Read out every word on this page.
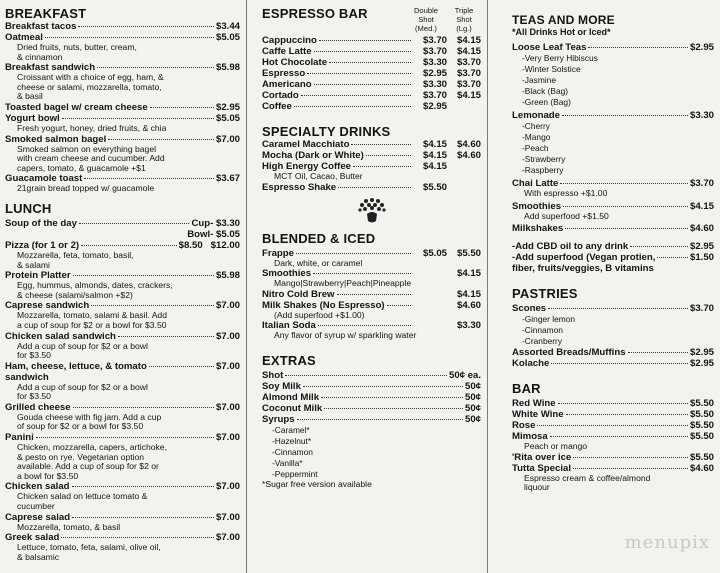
BREAKFAST
Breakfast tacos	$3.44
Oatmeal	$5.05
Dried fruits, nuts, butter, cream,
& cinnamon
Breakfast sandwich	$5.98
Croissant with a choice of egg, ham, &
cheese or salami, mozzarella, tomato,
& basil
Toasted bagel w/ cream cheese	$2.95
Yogurt bowl	$5.05
Fresh yogurt, honey, dried fruits, & chia
Smoked salmon bagel	$7.00
Smoked salmon on everything bagel
with cream cheese and cucumber. Add
capers, tomato, & guacamole +$1
Guacamole toast	$3.67
21grain bread topped w/ guacamole
LUNCH
Soup of the day	Cup- $3.30
Bowl- $5.05
Pizza (for 1 or 2)	$8.50 $12.00
Mozzarella, feta, tomato, basil,
& salami
Protein Platter	$5.98
Egg, hummus, almonds, dates, crackers,
& cheese (salami/salmon +$2)
Caprese sandwich	$7.00
Mozzarella, tomato, salami & basil. Add
a cup of soup for $2 or a bowl for $3.50
Chicken salad sandwich	$7.00
Add a cup of soup for $2 or a bowl
for $3.50
Ham, cheese, lettuce, & tomato	$7.00
sandwich
Add a cup of soup for $2 or a bowl
for $3.50
Grilled cheese	$7.00
Gouda cheese with fig jam. Add a cup
of soup for $2 or a bowl for $3.50
Panini	$7.00
Chicken, mozzarella, capers, artichoke,
& pesto on rye. Vegetarian option
available. Add a cup of soup for $2 or
a bowl for $3.50
Chicken salad	$7.00
Chicken salad on lettuce tomato &
cucumber
Caprese salad	$7.00
Mozzarella, tomato, & basil
Greek salad	$7.00
Lettuce, tomato, feta, salami, olive oil,
& balsamic
ESPRESSO BAR	Double
Shot
(Med.)
Triple
Shot
(Lg.)
Cappuccino	$3.70	$4.15
Caffe Latte	$3.70	$4.15
Hot Chocolate	$3.30	$3.70
Espresso	$2.95	$3.70
Americano	$3.30	$3.70
Cortado	$3.70	$4.15
Coffee	$2.95
SPECIALTY DRINKS
Caramel Macchiato	$4.15	$4.60
Mocha (Dark or White)	$4.15	$4.60
High Energy Coffee	$4.15
MCT Oil, Cacao, Butter
Espresso Shake	$5.50
BLENDED & ICED
Frappe	$5.05	$5.50
Dark, white, or caramel
Smoothies	$4.15
Mango|Strawberry|Peach|Pineapple
Nitro Cold Brew	$4.15
Milk Shakes (No Espresso)	$4.60
(Add superfood +$1.00)
Italian Soda	$3.30
Any flavor of syrup w/ sparkling water
EXTRAS
Shot	50¢ ea.
Soy Milk	50¢
Almond Milk	50¢
Coconut Milk	50¢
Syrups	50¢
-Caramel*
-Hazelnut*
-Cinnamon
-Vanilla*
-Peppermint
*Sugar free version available
TEAS AND MORE
*All Drinks Hot or Iced*
Loose Leaf Teas	$2.95
-Very Berry Hibiscus
-Winter Solstice
-Jasmine
-Black (Bag)
-Green (Bag)
Lemonade	$3.30
-Cherry
-Mango
-Peach
-Strawberry
-Raspberry
Chai Latte	$3.70
With espresso +$1.00
Smoothies	$4.15
Add superfood +$1.50
Milkshakes	$4.60
-Add CBD oil to any drink	$2.95
-Add superfood (Vegan protien,	$1.50
fiber, fruits/veggies, B vitamins
PASTRIES
Scones	$3.70
-Ginger lemon
-Cinnamon
-Cranberry
Assorted Breads/Muffins	$2.95
Kolache	$2.95
BAR
Red Wine	$5.50
White Wine	$5.50
Rose	$5.50
Mimosa	$5.50
Peach or mango
'Rita over ice	$5.50
Tutta Special	$4.60
Espresso cream & coffee/almond
liquour
menupix
